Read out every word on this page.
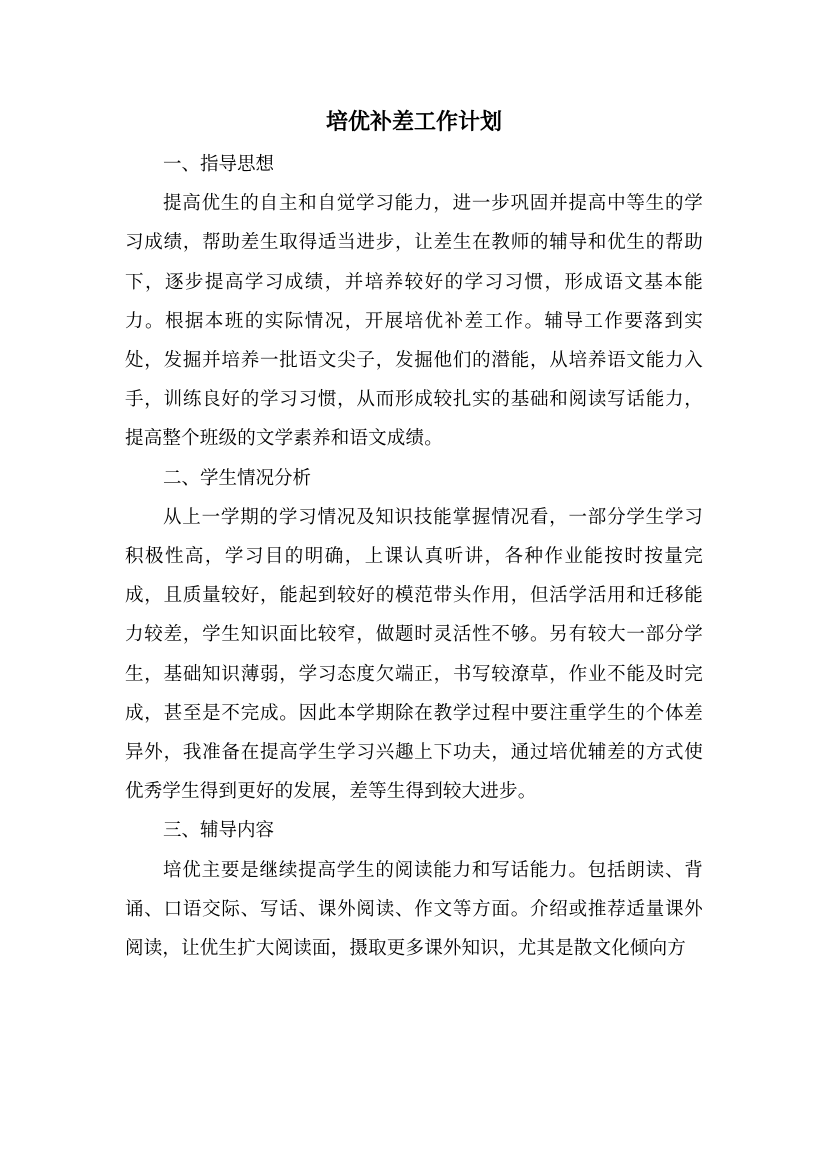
培优补差工作计划

一、指导思想

提高优生的自主和自觉学习能力，进一步巩固并提高中等生的学习成绩，帮助差生取得适当进步，让差生在教师的辅导和优生的帮助下，逐步提高学习成绩，并培养较好的学习习惯，形成语文基本能力。根据本班的实际情况，开展培优补差工作。辅导工作要落到实处，发掘并培养一批语文尖子，发掘他们的潜能，从培养语文能力入手，训练良好的学习习惯，从而形成较扎实的基础和阅读写话能力，提高整个班级的文学素养和语文成绩。

二、学生情况分析

从上一学期的学习情况及知识技能掌握情况看，一部分学生学习积极性高，学习目的明确，上课认真听讲，各种作业能按时按量完成，且质量较好，能起到较好的模范带头作用，但活学活用和迁移能力较差，学生知识面比较窄，做题时灵活性不够。另有较大一部分学生，基础知识薄弱，学习态度欠端正，书写较潦草，作业不能及时完成，甚至是不完成。因此本学期除在教学过程中要注重学生的个体差异外，我准备在提高学生学习兴趣上下功夫，通过培优辅差的方式使优秀学生得到更好的发展，差等生得到较大进步。

三、辅导内容

培优主要是继续提高学生的阅读能力和写话能力。包括朗读、背诵、口语交际、写话、课外阅读、作文等方面。介绍或推荐适量课外阅读，让优生扩大阅读面，摄取更多课外知识，尤其是散文化倾向方
